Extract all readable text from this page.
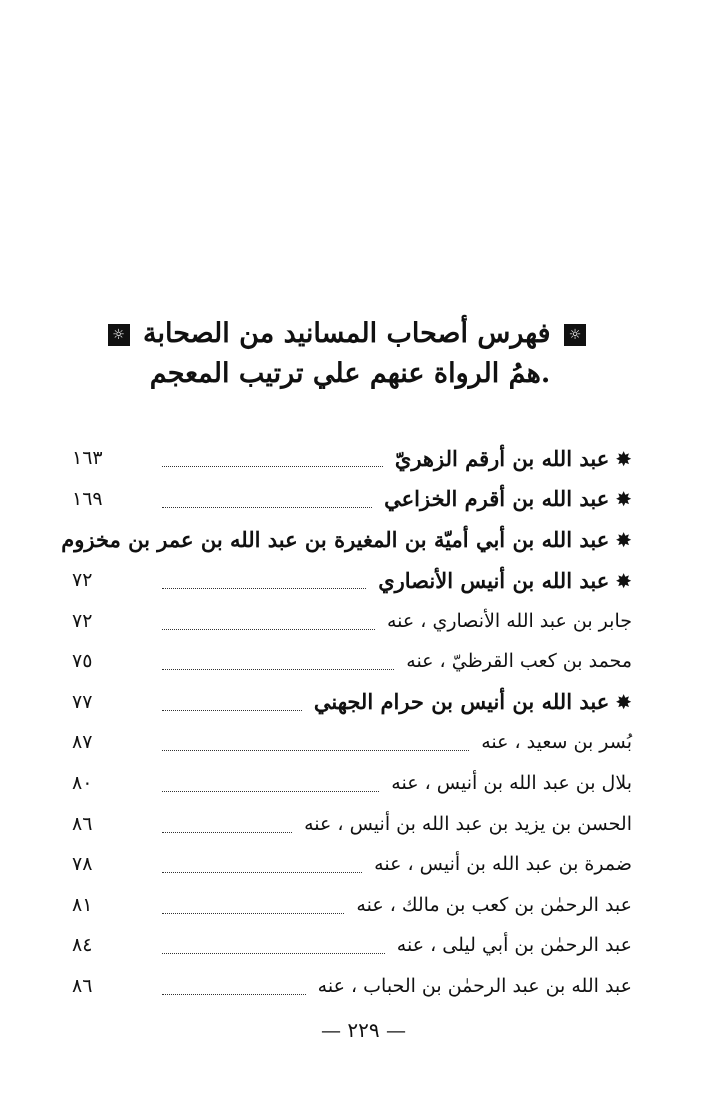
☼ فهرس أصحاب المسانيد من الصحابة ☼
.همُ الرواة عنهم علي ترتيب المعجم
✸عبد الله بن أرقم الزهريّ
١٦٣
✸عبد الله بن أقرم الخزاعي
١٦٩
✸عبد الله بن أبي أميّة بن المغيرة بن عبد الله بن عمر بن مخزوم
✸عبد الله بن أنيس الأنصاري
٧٢
جابر بن عبد الله الأنصاري ، عنه
٧٢
محمد بن كعب القرظيّ ، عنه
٧٥
✸عبد الله بن أنيس بن حرام الجهني
٧٧
بُسر بن سعيد ، عنه
٨٧
بلال بن عبد الله بن أنيس ، عنه
٨٠
الحسن بن يزيد بن عبد الله بن أنيس ، عنه
٨٦
ضمرة بن عبد الله بن أنيس ، عنه
٧٨
عبد الرحمٰن بن كعب بن مالك ، عنه
٨١
عبد الرحمٰن بن أبي ليلى ، عنه
٨٤
عبد الله بن عبد الرحمٰن بن الحباب ، عنه
٨٦
— ٢٢٩ —
